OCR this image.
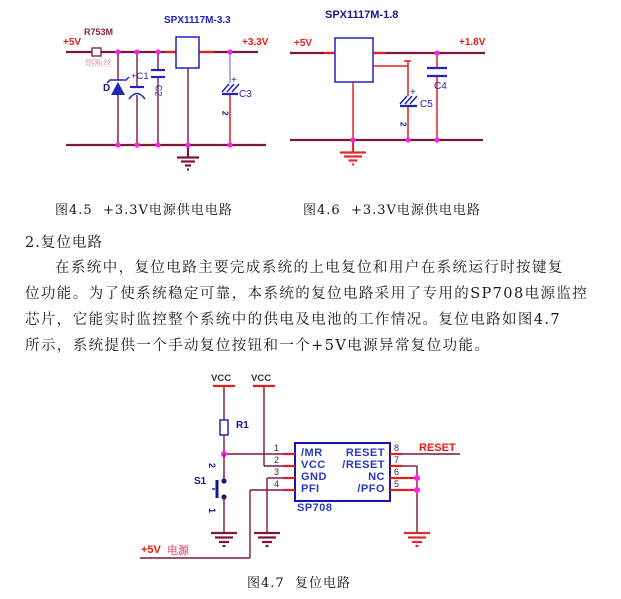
+5V
R753M
熔断丝
SPX1117M-3.3
D
+C1
C2
+3.3V
+
C3
2
图4.5  +3.3V电源供电电路
SPX1117M-1.8
+5V	+1.8V
C4
+
C5
2
图4.6  +3.3V电源供电电路
2.复位电路
在系统中，复位电路主要完成系统的上电复位和用户在系统运行时按键复
位功能。为了使系统稳定可靠，本系统的复位电路采用了专用的SP708电源监控
芯片，它能实时监控整个系统中的供电及电池的工作情况。复位电路如图4.7
所示，系统提供一个手动复位按钮和一个+5V电源异常复位功能。
VCC VCC
R1
2
S1
1
1
2
3
4
8
7
6
5
/MR
VCC
GND
PFI
RESET
/RESET
NC
/PFO
SP708
RESET
+5V 电源
图4.7  复位电路
